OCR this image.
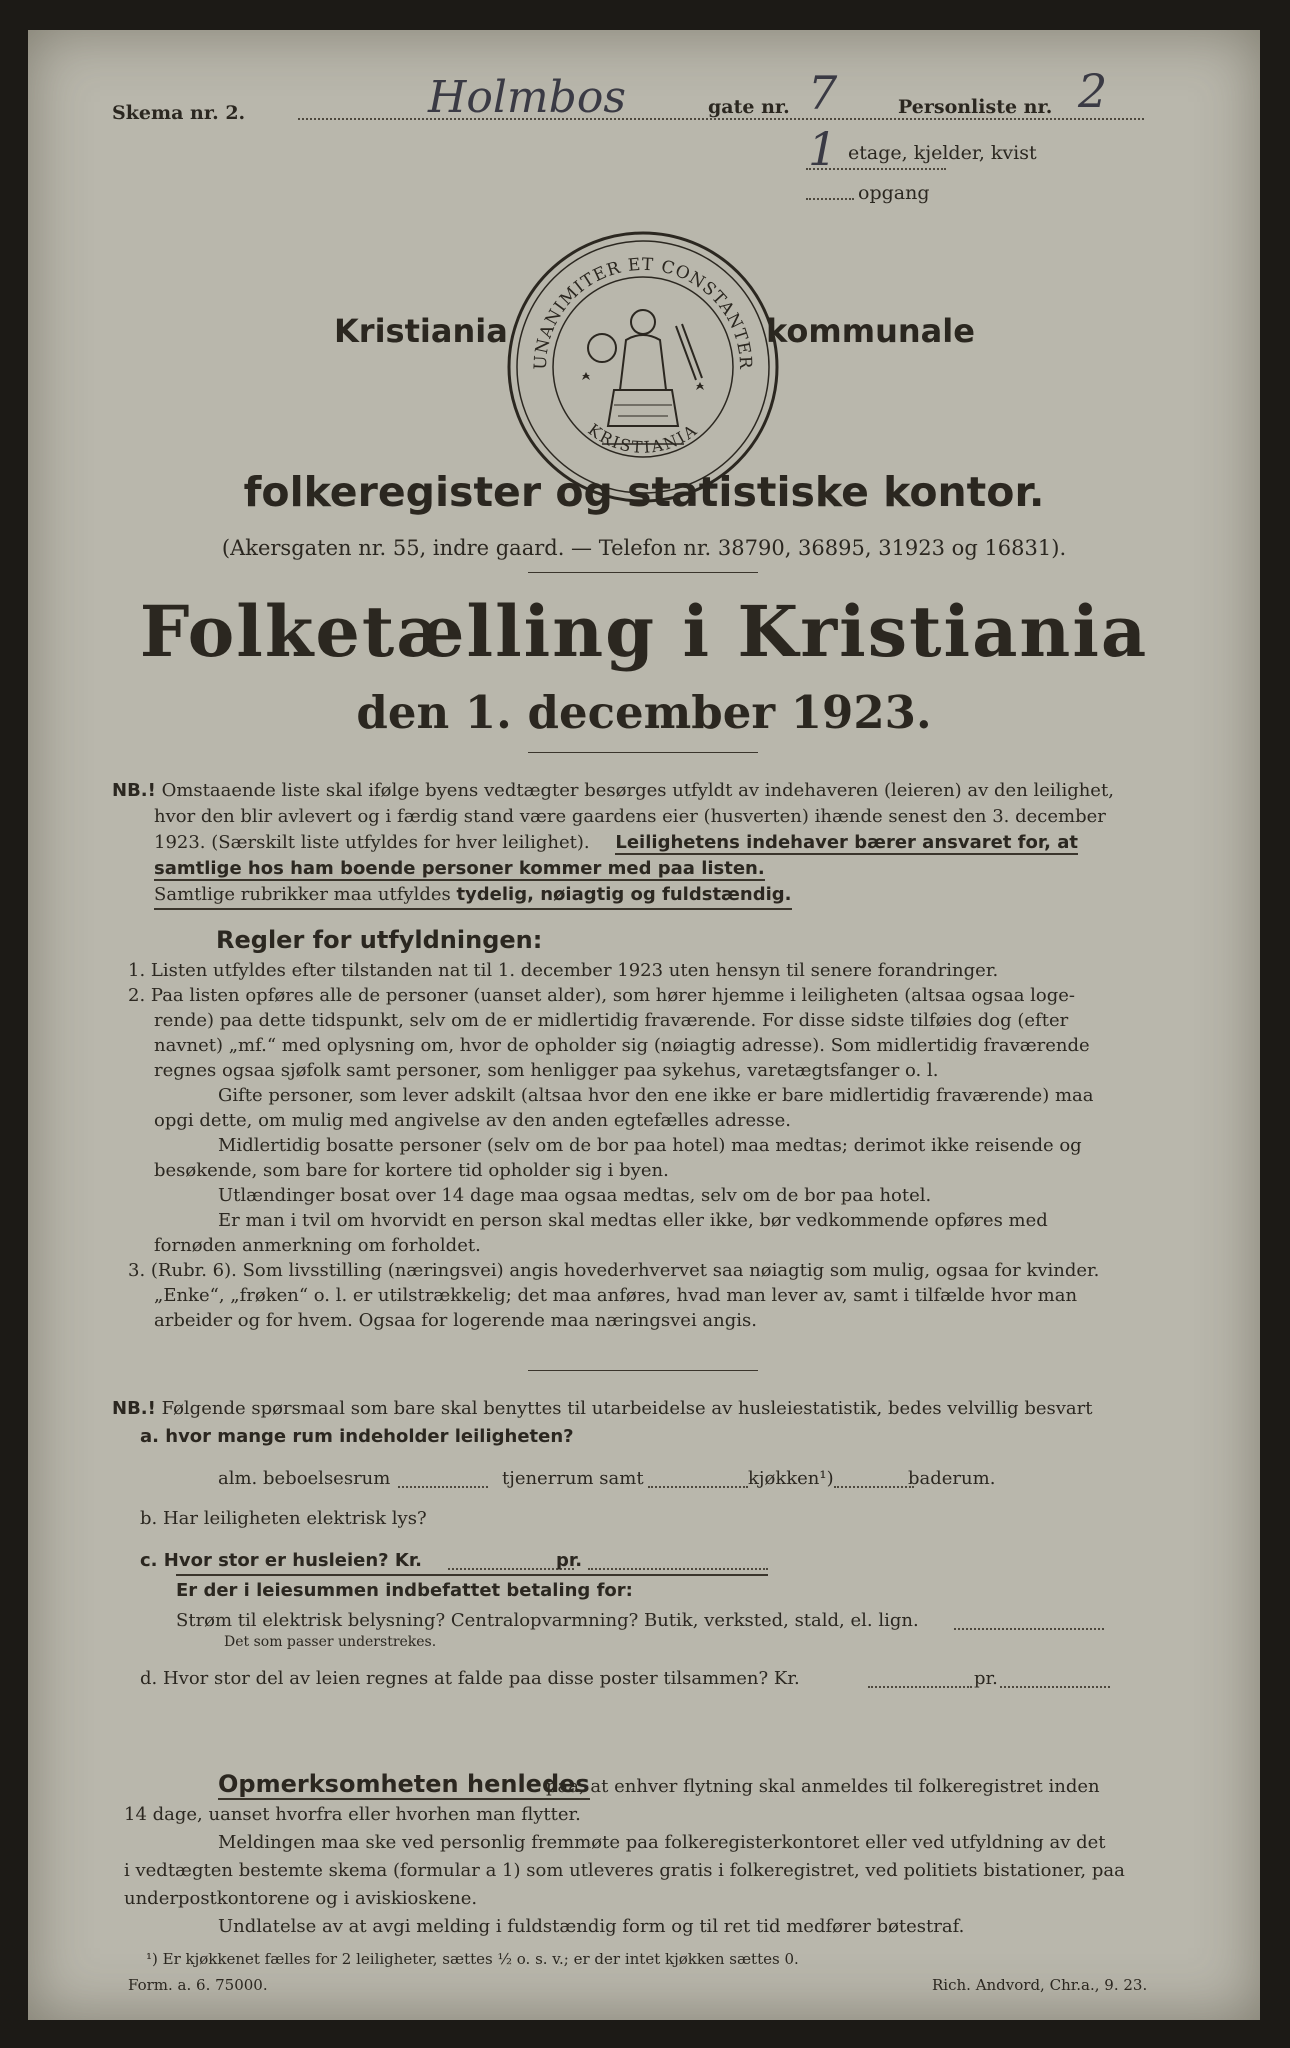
Skema nr. 2.	Holmbos	gate nr. 7	Personliste nr. 2
1 etage, kjelder, kvist
opgang
Kristiania	kommunale
UNANIMITER ET CONSTANTER
KRISTIANIA
folkeregister og statistiske kontor.
(Akersgaten nr. 55, indre gaard. — Telefon nr. 38790, 36895, 31923 og 16831).
Folketælling i Kristiania
den 1. december 1923.
NB.! Omstaaende liste skal ifølge byens vedtægter besørges utfyldt av indehaveren (leieren) av den leilighet,
hvor den blir avlevert og i færdig stand være gaardens eier (husverten) ihænde senest den 3. december
1923. (Særskilt liste utfyldes for hver leilighet). Leilighetens indehaver bærer ansvaret for, at
samtlige hos ham boende personer kommer med paa listen.
Samtlige rubrikker maa utfyldes tydelig, nøiagtig og fuldstændig.
Regler for utfyldningen:
1. Listen utfyldes efter tilstanden nat til 1. december 1923 uten hensyn til senere forandringer.
2. Paa listen opføres alle de personer (uanset alder), som hører hjemme i leiligheten (altsaa ogsaa loge-
rende) paa dette tidspunkt, selv om de er midlertidig fraværende. For disse sidste tilføies dog (efter
navnet) „mf.“ med oplysning om, hvor de opholder sig (nøiagtig adresse). Som midlertidig fraværende
regnes ogsaa sjøfolk samt personer, som henligger paa sykehus, varetægtsfanger o. l.
Gifte personer, som lever adskilt (altsaa hvor den ene ikke er bare midlertidig fraværende) maa
opgi dette, om mulig med angivelse av den anden egtefælles adresse.
Midlertidig bosatte personer (selv om de bor paa hotel) maa medtas; derimot ikke reisende og
besøkende, som bare for kortere tid opholder sig i byen.
Utlændinger bosat over 14 dage maa ogsaa medtas, selv om de bor paa hotel.
Er man i tvil om hvorvidt en person skal medtas eller ikke, bør vedkommende opføres med
fornøden anmerkning om forholdet.
3. (Rubr. 6). Som livsstilling (næringsvei) angis hovederhvervet saa nøiagtig som mulig, ogsaa for kvinder.
„Enke“, „frøken“ o. l. er utilstrækkelig; det maa anføres, hvad man lever av, samt i tilfælde hvor man
arbeider og for hvem. Ogsaa for logerende maa næringsvei angis.
NB.! Følgende spørsmaal som bare skal benyttes til utarbeidelse av husleiestatistik, bedes velvillig besvart
a. hvor mange rum indeholder leiligheten?
alm. beboelsesrum	tjenerrum samt	kjøkken¹)	baderum.
b. Har leiligheten elektrisk lys?
c. Hvor stor er husleien? Kr.	pr.
Er der i leiesummen indbefattet betaling for:
Strøm til elektrisk belysning? Centralopvarmning? Butik, verksted, stald, el. lign.
Det som passer understrekes.
d. Hvor stor del av leien regnes at falde paa disse poster tilsammen? Kr.	pr.
Opmerksomheten henledes
paa, at enhver flytning skal anmeldes til folkeregistret inden
14 dage, uanset hvorfra eller hvorhen man flytter.
Meldingen maa ske ved personlig fremmøte paa folkeregisterkontoret eller ved utfyldning av det
i vedtægten bestemte skema (formular a 1) som utleveres gratis i folkeregistret, ved politiets bistationer, paa
underpostkontorene og i aviskioskene.
Undlatelse av at avgi melding i fuldstændig form og til ret tid medfører bøtestraf.
¹) Er kjøkkenet fælles for 2 leiligheter, sættes ½ o. s. v.; er der intet kjøkken sættes 0.
Form. a. 6. 75000.	Rich. Andvord, Chr.a., 9. 23.
